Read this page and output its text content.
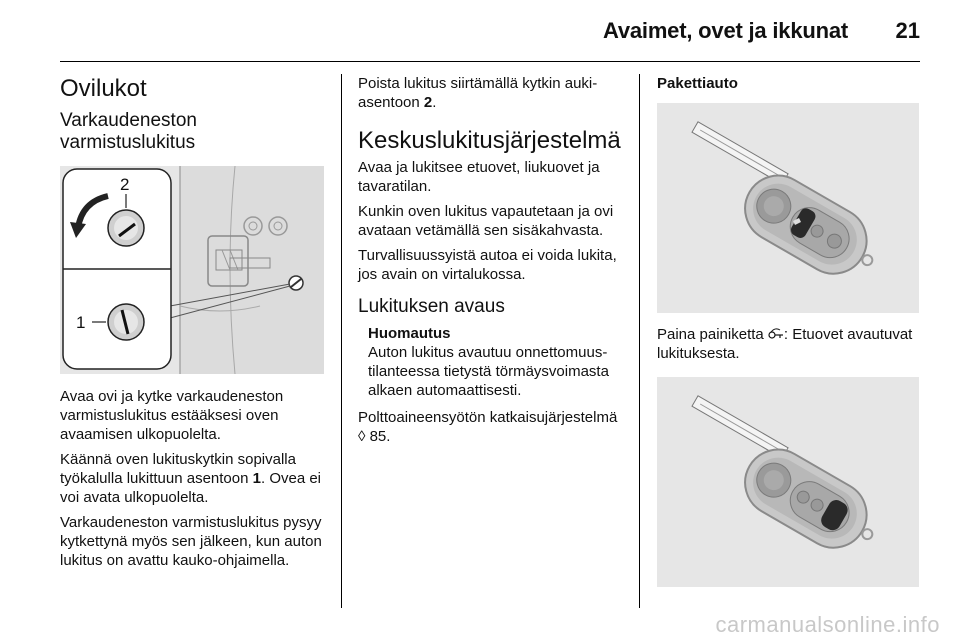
Avaimet, ovet ja ikkunat 21
Ovilukot
Varkaudeneston
varmistuslukitus
2
1

Avaa ovi ja kytke varkaudeneston varmistuslukitus estääksesi oven avaamisen ulkopuolelta.

Käännä oven lukituskytkin sopivalla työkalulla lukittuun asentoon 1. Ovea ei voi avata ulkopuolelta.

Varkaudeneston varmistuslukitus pysyy kytkettynä myös sen jälkeen, kun auton lukitus on avattu kauko-ohjaimella.

Poista lukitus siirtämällä kytkin aukiasentoon 2.

Keskuslukitusjärjestelmä

Avaa ja lukitsee etuovet, liukuovet ja tavaratilan.

Kunkin oven lukitus vapautetaan ja ovi avataan vetämällä sen sisäkahvasta.

Turvallisuussyistä autoa ei voida lukita, jos avain on virtalukossa.

Lukituksen avaus
Huomautus
Auton lukitus avautuu onnettomuustilanteessa tietystä törmäysvoimasta alkaen automaattisesti.

Polttoaineensyötön katkaisujärjestelmä ◊ 85.

Pakettiauto

Paina painiketta : Etuovet avautuvat lukituksesta.

carmanualsonline.info
